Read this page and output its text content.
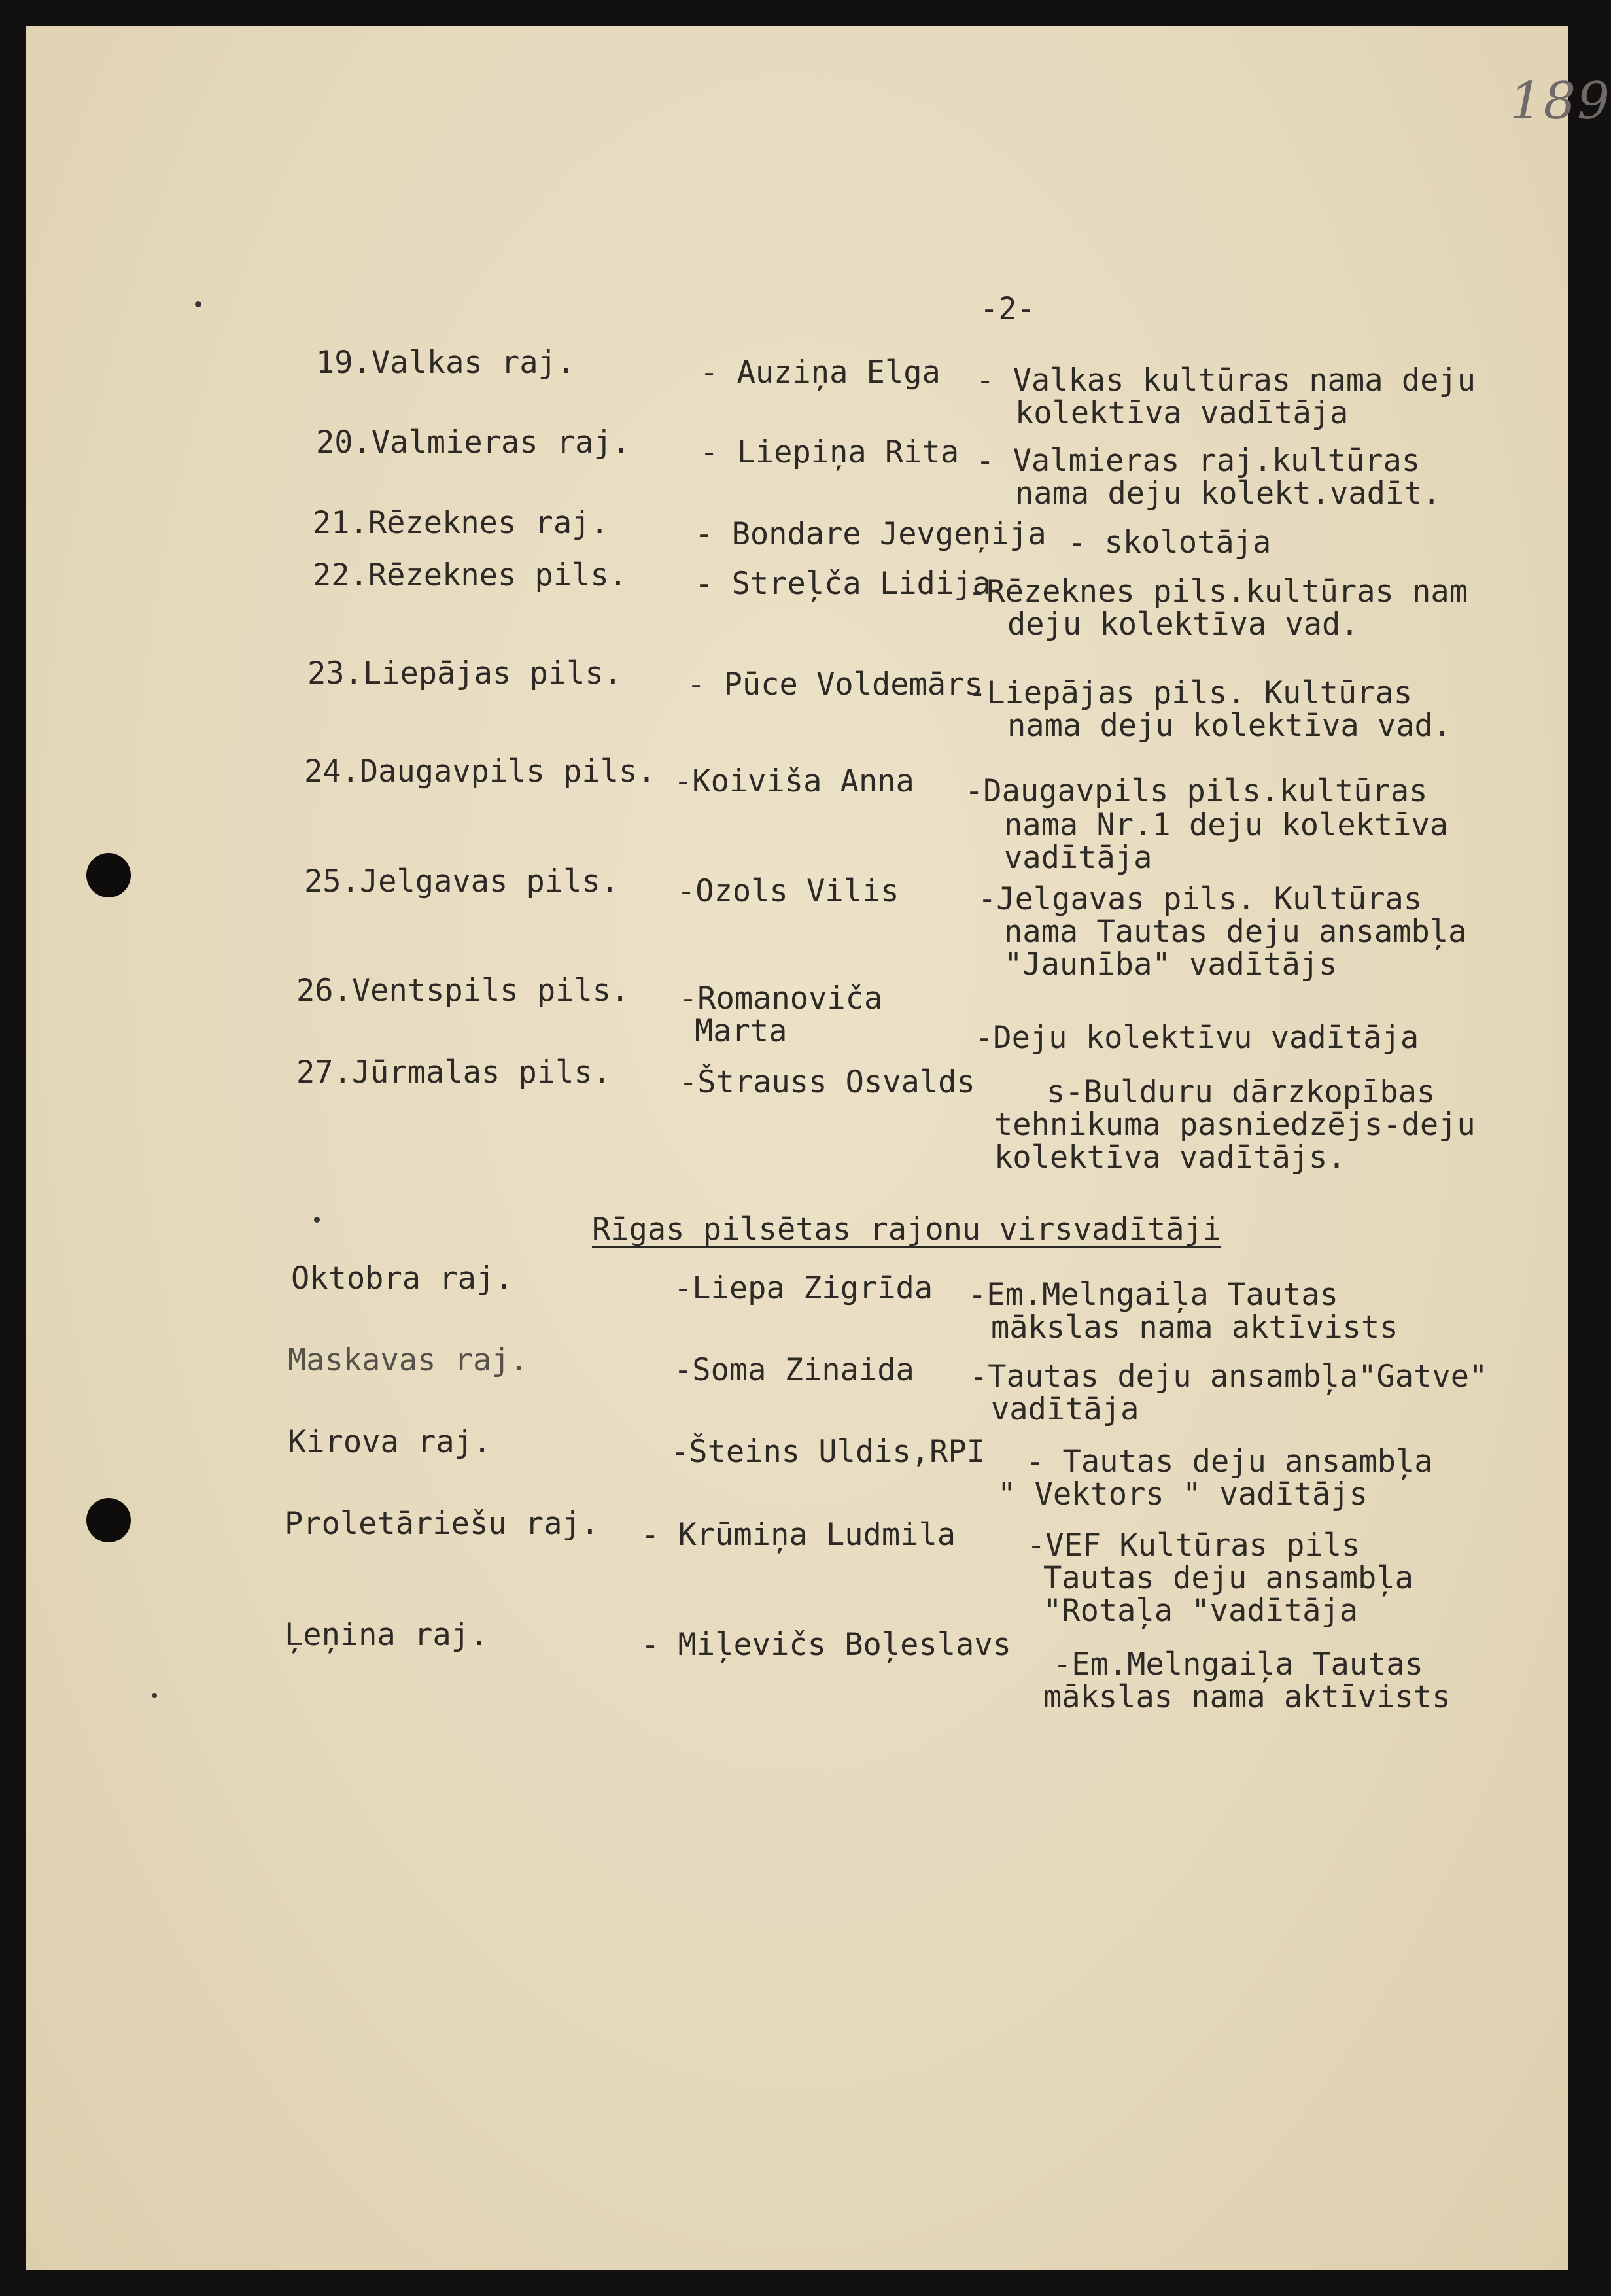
189
-2-
19.Valkas raj.	- Auziņa Elga - Valkas kultūras nama deju
kolektīva vadītāja
20.Valmieras raj. - Liepiņa Rita - Valmieras raj.kultūras
nama deju kolekt.vadīt.
21.Rēzeknes raj.	- Bondare Jevgeņija - skolotāja
22.Rēzeknes pils. - Streļča Lidija
-Rēzeknes pils.kultūras nam
deju kolektīva vad.
23.Liepājas pils. - Pūce Voldemārs
-Liepājas pils. Kultūras
nama deju kolektīva vad.
24.Daugavpils pils. -Koiviša Anna -Daugavpils pils.kultūras
nama Nr.1 deju kolektīva
vadītāja
25.Jelgavas pils. -Ozols Vilis	-Jelgavas pils. Kultūras
nama Tautas deju ansambļa
"Jaunība" vadītājs
26.Ventspils pils. -Romanoviča
Marta	-Deju kolektīvu vadītāja
27.Jūrmalas pils. -Štrauss Osvalds s-Bulduru dārzkopības
tehnikuma pasniedzējs-deju
kolektīva vadītājs.
Rīgas pilsētas rajonu virsvadītāji
Oktobra raj.	-Liepa Zigrīda -Em.Melngaiļa Tautas
mākslas nama aktīvists
Maskavas raj.	-Soma Zinaida -Tautas deju ansambļa"Gatve"
vadītāja
Kirova raj.	-Šteins Uldis,RPI - Tautas deju ansambļa
" Vektors " vadītājs
Proletāriešu raj. - Krūmiņa Ludmila -VEF Kultūras pils
Tautas deju ansambļa
"Rotaļa "vadītāja
Ļeņina raj.	- Miļevičs Boļeslavs
-Em.Melngaiļa Tautas
mākslas nama aktīvists
